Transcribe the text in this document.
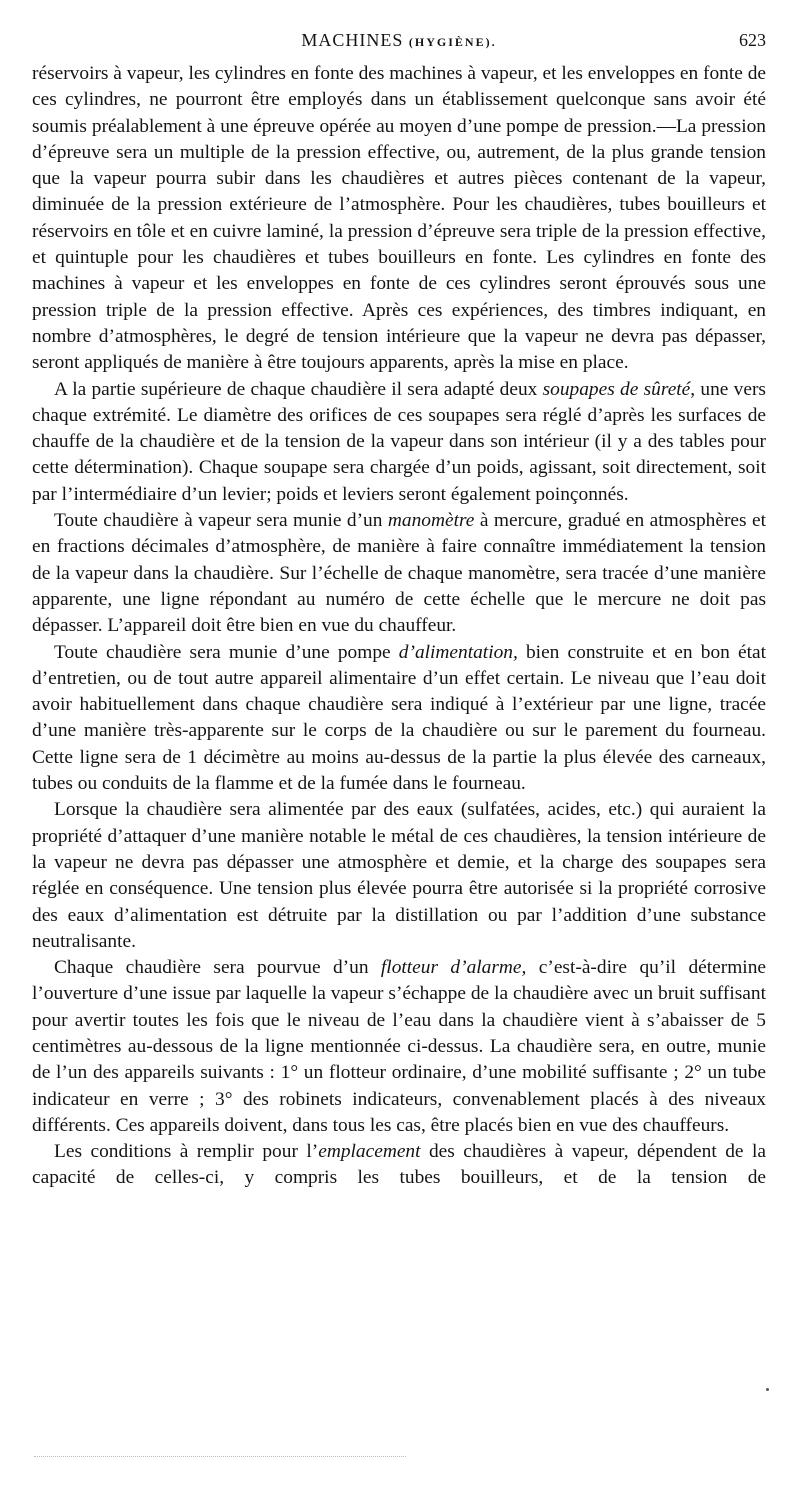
MACHINES (HYGIÈNE).	623

réservoirs à vapeur, les cylindres en fonte des machines à vapeur, et les enveloppes en fonte de ces cylindres, ne pourront être employés dans un établissement quelconque sans avoir été soumis préalablement à une épreuve opérée au moyen d’une pompe de pression.—La pression d’épreuve sera un multiple de la pression effective, ou, autrement, de la plus grande tension que la vapeur pourra subir dans les chaudières et autres pièces contenant de la vapeur, diminuée de la pression extérieure de l’atmosphère. Pour les chaudières, tubes bouilleurs et réservoirs en tôle et en cuivre laminé, la pression d’épreuve sera triple de la pression effective, et quintuple pour les chaudières et tubes bouilleurs en fonte. Les cylindres en fonte des machines à vapeur et les enveloppes en fonte de ces cylindres seront éprouvés sous une pression triple de la pression effective. Après ces expériences, des timbres indiquant, en nombre d’atmosphères, le degré de tension intérieure que la vapeur ne devra pas dépasser, seront appliqués de manière à être toujours apparents, après la mise en place.

A la partie supérieure de chaque chaudière il sera adapté deux soupapes de sûreté, une vers chaque extrémité. Le diamètre des orifices de ces soupapes sera réglé d’après les surfaces de chauffe de la chaudière et de la tension de la vapeur dans son intérieur (il y a des tables pour cette détermination). Chaque soupape sera chargée d’un poids, agissant, soit directement, soit par l’intermédiaire d’un levier; poids et leviers seront également poinçonnés.

Toute chaudière à vapeur sera munie d’un manomètre à mercure, gradué en atmosphères et en fractions décimales d’atmosphère, de manière à faire connaître immédiatement la tension de la vapeur dans la chaudière. Sur l’échelle de chaque manomètre, sera tracée d’une manière apparente, une ligne répondant au numéro de cette échelle que le mercure ne doit pas dépasser. L’appareil doit être bien en vue du chauffeur.

Toute chaudière sera munie d’une pompe d’alimentation, bien construite et en bon état d’entretien, ou de tout autre appareil alimentaire d’un effet certain. Le niveau que l’eau doit avoir habituellement dans chaque chaudière sera indiqué à l’extérieur par une ligne, tracée d’une manière très-apparente sur le corps de la chaudière ou sur le parement du fourneau. Cette ligne sera de 1 décimètre au moins au-dessus de la partie la plus élevée des carneaux, tubes ou conduits de la flamme et de la fumée dans le fourneau.

Lorsque la chaudière sera alimentée par des eaux (sulfatées, acides, etc.) qui auraient la propriété d’attaquer d’une manière notable le métal de ces chaudières, la tension intérieure de la vapeur ne devra pas dépasser une atmosphère et demie, et la charge des soupapes sera réglée en conséquence. Une tension plus élevée pourra être autorisée si la propriété corrosive des eaux d’alimentation est détruite par la distillation ou par l’addition d’une substance neutralisante.

Chaque chaudière sera pourvue d’un flotteur d’alarme, c’est-à-dire qu’il détermine l’ouverture d’une issue par laquelle la vapeur s’échappe de la chaudière avec un bruit suffisant pour avertir toutes les fois que le niveau de l’eau dans la chaudière vient à s’abaisser de 5 centimètres au-dessous de la ligne mentionnée ci-dessus. La chaudière sera, en outre, munie de l’un des appareils suivants : 1° un flotteur ordinaire, d’une mobilité suffisante ; 2° un tube indicateur en verre ; 3° des robinets indicateurs, convenablement placés à des niveaux différents. Ces appareils doivent, dans tous les cas, être placés bien en vue des chauffeurs.

Les conditions à remplir pour l’emplacement des chaudières à vapeur, dépendent de la capacité de celles-ci, y compris les tubes bouilleurs, et de la tension de
